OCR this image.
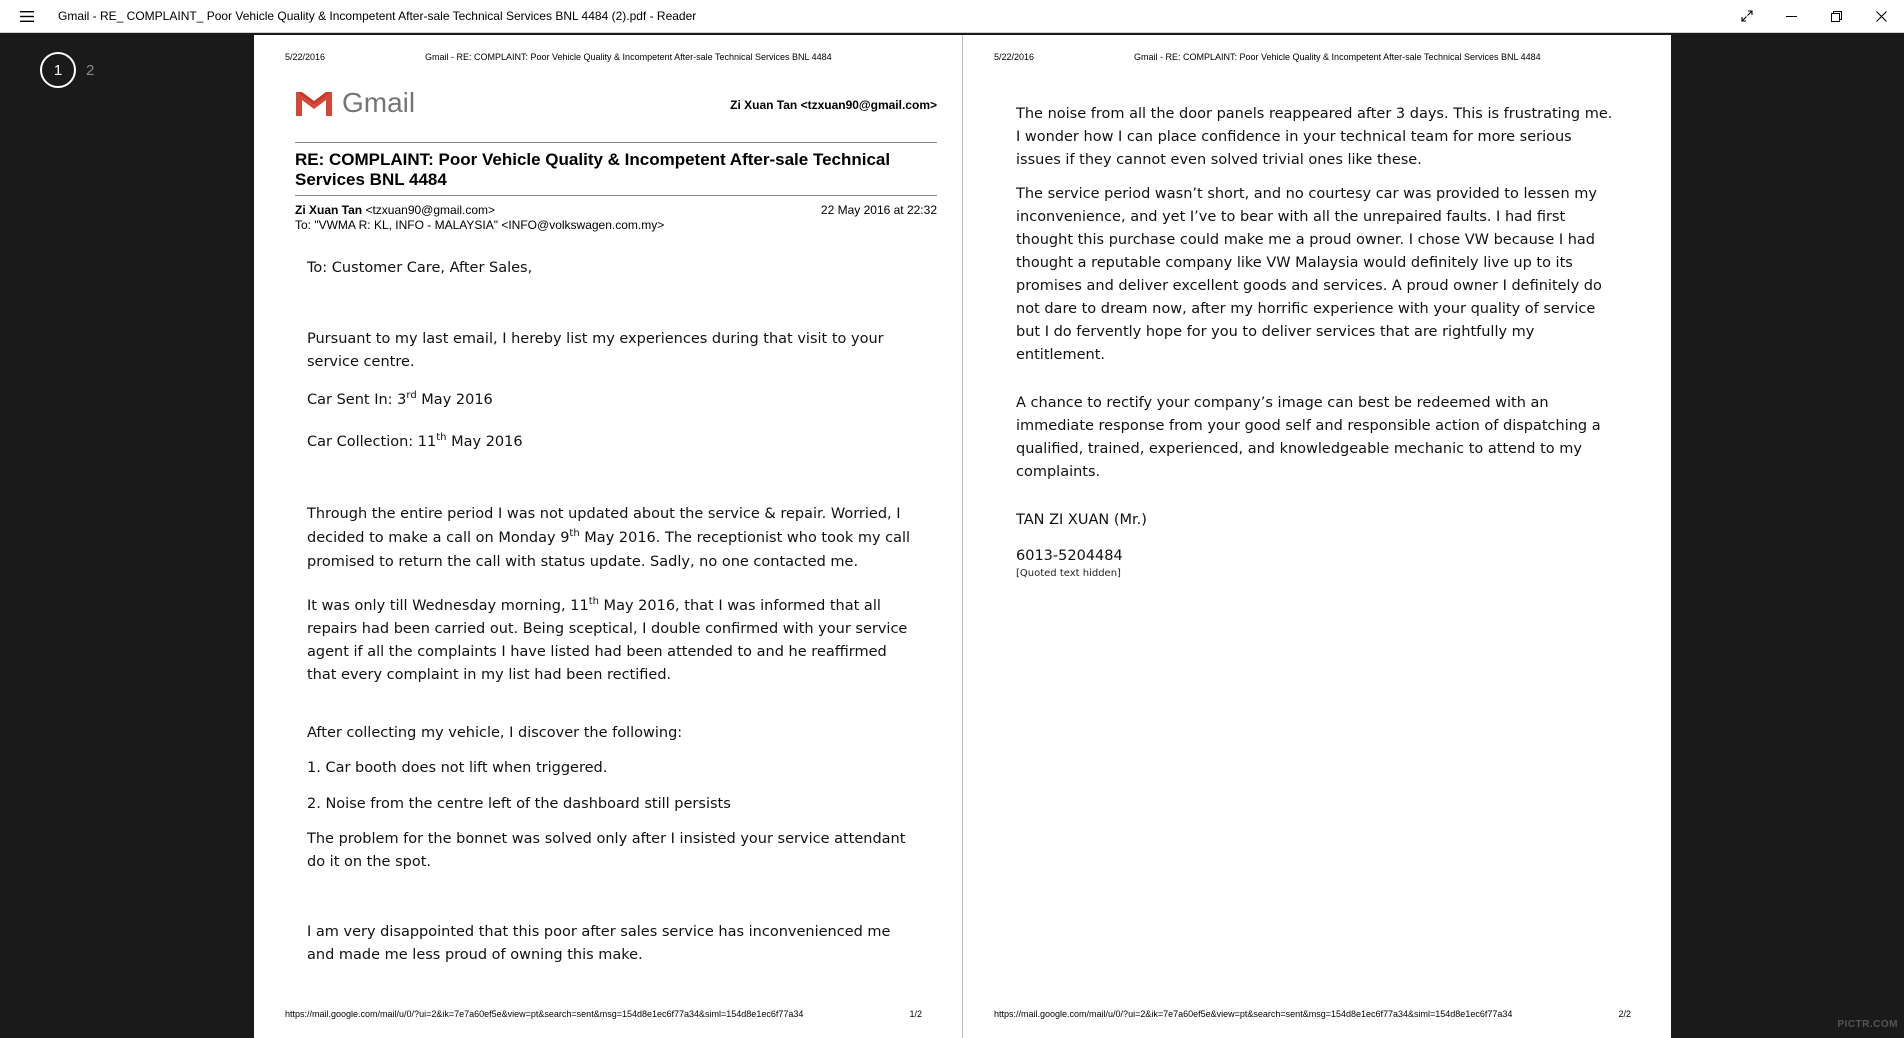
Gmail - RE_ COMPLAINT_ Poor Vehicle Quality & Incompetent After-sale Technical Services BNL 4484 (2).pdf - Reader
1	2
5/22/2016	Gmail - RE: COMPLAINT: Poor Vehicle Quality & Incompetent After-sale Technical Services BNL 4484
Gmail	Zi Xuan Tan <tzxuan90@gmail.com>
RE: COMPLAINT: Poor Vehicle Quality & Incompetent After-sale Technical Services BNL 4484
Zi Xuan Tan <tzxuan90@gmail.com>
To: "VWMA R: KL, INFO - MALAYSIA" <INFO@volkswagen.com.my>
22 May 2016 at 22:32

To: Customer Care, After Sales,

Pursuant to my last email, I hereby list my experiences during that visit to your service centre.

Car Sent In: 3rd May 2016

Car Collection: 11th May 2016

Through the entire period I was not updated about the service & repair. Worried, I decided to make a call on Monday 9th May 2016. The receptionist who took my call promised to return the call with status update. Sadly, no one contacted me.

It was only till Wednesday morning, 11th May 2016, that I was informed that all repairs had been carried out. Being sceptical, I double confirmed with your service agent if all the complaints I have listed had been attended to and he reaffirmed that every complaint in my list had been rectified.

After collecting my vehicle, I discover the following:

1. Car booth does not lift when triggered.

2. Noise from the centre left of the dashboard still persists

The problem for the bonnet was solved only after I insisted your service attendant do it on the spot.

I am very disappointed that this poor after sales service has inconvenienced me and made me less proud of owning this make.

https://mail.google.com/mail/u/0/?ui=2&ik=7e7a60ef5e&view=pt&search=sent&msg=154d8e1ec6f77a34&siml=154d8e1ec6f77a34	1/2
5/22/2016	Gmail - RE: COMPLAINT: Poor Vehicle Quality & Incompetent After-sale Technical Services BNL 4484

The noise from all the door panels reappeared after 3 days. This is frustrating me. I wonder how I can place confidence in your technical team for more serious issues if they cannot even solved trivial ones like these.

The service period wasn’t short, and no courtesy car was provided to lessen my inconvenience, and yet I’ve to bear with all the unrepaired faults. I had first thought this purchase could make me a proud owner. I chose VW because I had thought a reputable company like VW Malaysia would definitely live up to its promises and deliver excellent goods and services. A proud owner I definitely do not dare to dream now, after my horrific experience with your quality of service but I do fervently hope for you to deliver services that are rightfully my entitlement.

A chance to rectify your company’s image can best be redeemed with an immediate response from your good self and responsible action of dispatching a qualified, trained, experienced, and knowledgeable mechanic to attend to my complaints.

TAN ZI XUAN (Mr.)

6013-5204484

[Quoted text hidden]

https://mail.google.com/mail/u/0/?ui=2&ik=7e7a60ef5e&view=pt&search=sent&msg=154d8e1ec6f77a34&siml=154d8e1ec6f77a34	2/2
PICTR.COM
